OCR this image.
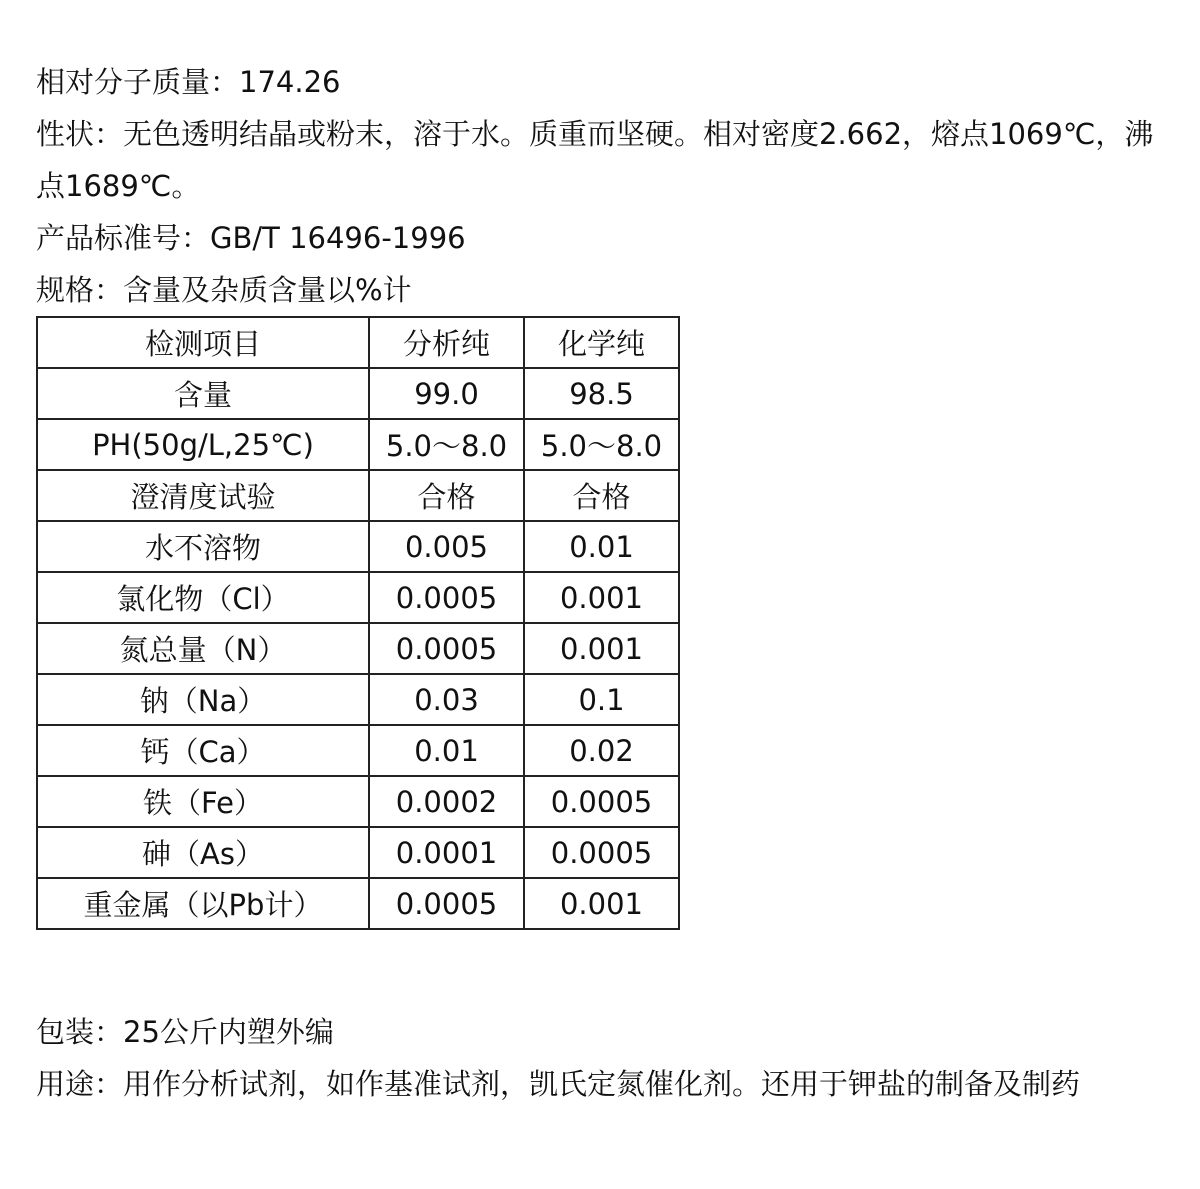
相对分子质量：174.26

性状：无色透明结晶或粉末，溶于水。质重而坚硬。相对密度2.662，熔点1069℃，沸点1689℃。

产品标准号：GB/T 16496-1996

规格：含量及杂质含量以%计

检测项目	分析纯	化学纯
含量	99.0	98.5
PH(50g/L,25℃)	5.0～8.0	5.0～8.0
澄清度试验	合格	合格
水不溶物	0.005	0.01
氯化物（Cl）	0.0005	0.001
氮总量（N）	0.0005	0.001
钠（Na）	0.03	0.1
钙（Ca）	0.01	0.02
铁（Fe）	0.0002	0.0005
砷（As）	0.0001	0.0005
重金属（以Pb计）	0.0005	0.001

包装：25公斤内塑外编

用途：用作分析试剂，如作基准试剂，凯氏定氮催化剂。还用于钾盐的制备及制药
